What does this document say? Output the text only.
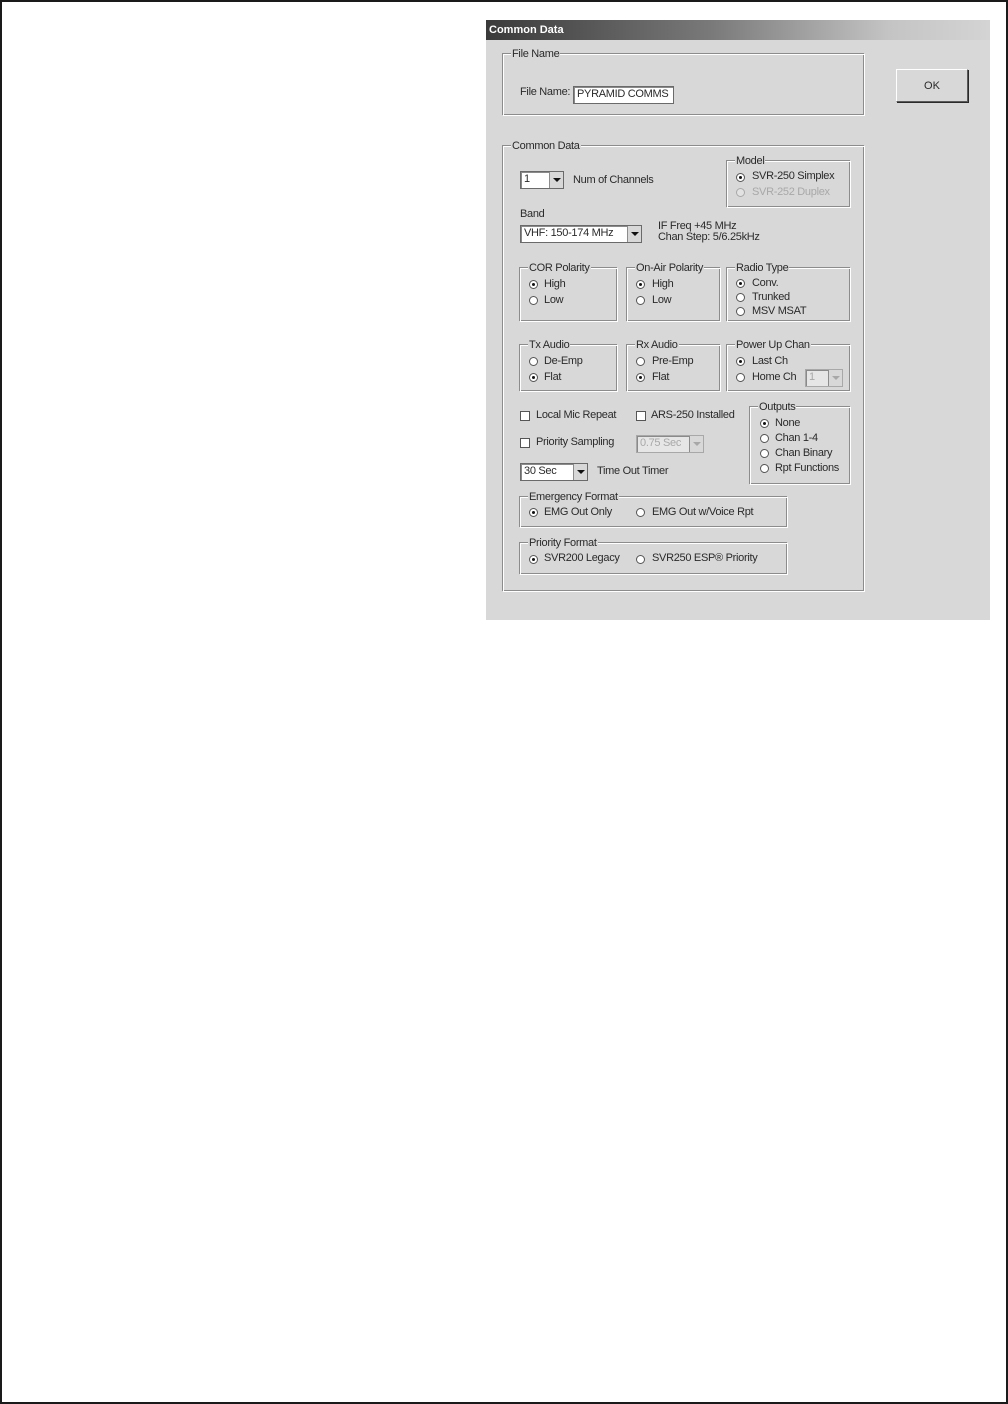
Common Data
OK
File Name
File Name: PYRAMID COMMS
Common Data
1	Num of Channels
Model
SVR-250 Simplex
SVR-252 Duplex
Band
VHF: 150-174 MHz
IF Freq +45 MHz
Chan Step: 5/6.25kHz
COR Polarity
High
Low
On-Air Polarity
High
Low
Radio Type
Conv.
Trunked
MSV MSAT
Tx Audio
De-Emp
Flat
Rx Audio
Pre-Emp
Flat
Power Up Chan
Last Ch
Home Ch 1
Local Mic Repeat	ARS-250 Installed
Priority Sampling 0.75 Sec
30 Sec	Time Out Timer
Outputs
None
Chan 1-4
Chan Binary
Rpt Functions
Emergency Format
EMG Out Only	EMG Out w/Voice Rpt
Priority Format
SVR200 Legacy	SVR250 ESP® Priority
